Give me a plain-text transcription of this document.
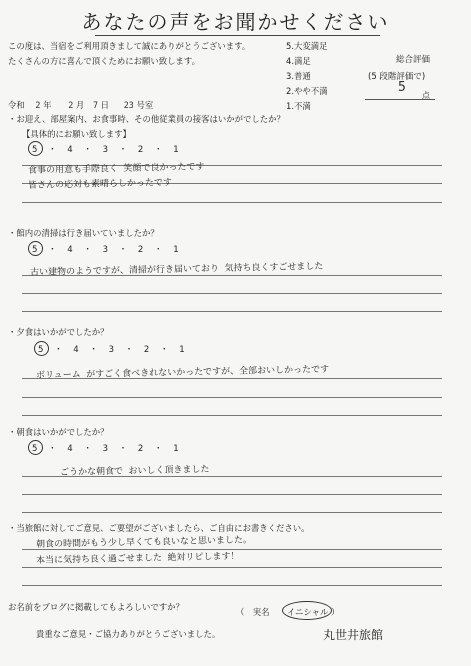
あなたの声をお聞かせください
この度は、当宿をご利用頂きまして誠にありがとうございます。
たくさんの方に喜んで頂くためにお願い致します。
5.大変満足
4.満足
3.普通
2.やや不満
1.不満
総合評価
(5 段階評価で)
5
点
令和 2 年 2 月 7 日 23 号室
・お迎え、部屋案内、お食事時、その他従業員の接客はいかがでしたか？
【具体的にお願い致します】
5 ・ 4 ・ 3 ・ 2 ・ 1
食事の用意も手際良く 笑顔で良かったです
皆さんの応対も素晴らしかったです
・館内の清掃は行き届いていましたか？
5 ・ 4 ・ 3 ・ 2 ・ 1
古い建物のようですが、清掃が行き届いており 気持ち良くすごせました
・夕食はいかがでしたか？
5 ・ 4 ・ 3 ・ 2 ・ 1
ボリューム がすごく食べきれないかったですが、全部おいしかったです
・朝食はいかがでしたか？
5 ・ 4 ・ 3 ・ 2 ・ 1
ごうかな朝食で おいしく頂きました
・当旅館に対してご意見、ご要望がございましたら、ご自由にお書きください。
朝食の時間がもう少し早くても良いなと思いました。
本当に気持ち良く過ごせました 絶対リピします！
お名前をブログに掲載してもよろしいですか？	（　実名 イニシャル ）
貴重なご意見・ご協力ありがとうございました。	丸世井旅館
